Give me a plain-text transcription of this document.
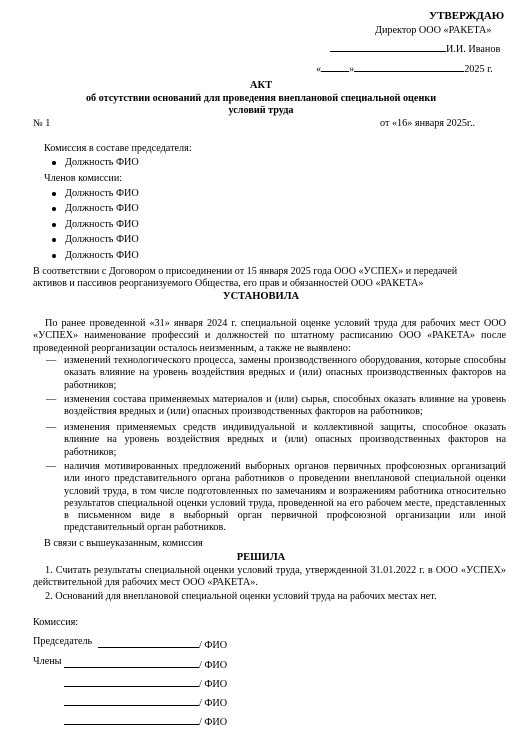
УТВЕРЖДАЮ
Директор ООО «РАКЕТА»
И.И. Иванов
«	»	2025 г.
АКТ
об отсутствии оснований для проведения внеплановой специальной оценки
условий труда
№ 1	от «16» января 2025г..
Комиссия в составе председателя:
Должность ФИО
Членов комиссии:
Должность ФИО
Должность ФИО
Должность ФИО
Должность ФИО
Должность ФИО
В соответствии с Договором о присоединении от 15 января 2025 года ООО «УСПЕХ» и передачей
активов и пассивов реорганизуемого Общества, его прав и обязанностей ООО «РАКЕТА»
УСТАНОВИЛА
По ранее проведенной «31» января 2024 г. специальной оценке условий труда для рабочих мест ООО «УСПЕХ» наименование профессий и должностей по штатному расписанию ООО «РАКЕТА» после проведенной реорганизации осталось неизменным, а также не выявлено:
— изменений технологического процесса, замены производственного оборудования, которые способны оказать влияние на уровень воздействия вредных и (или) опасных производственных факторов на работников;
— изменения состава применяемых материалов и (или) сырья, способных оказать влияние на уровень воздействия вредных и (или) опасных производственных факторов на работников;
— изменения применяемых средств индивидуальной и коллективной защиты, способное оказать влияние на уровень воздействия вредных и (или) опасных производственных факторов на работников;
— наличия мотивированных предложений выборных органов первичных профсоюзных организаций или иного представительного органа работников о проведении внеплановой специальной оценки условий труда, в том числе подготовленных по замечаниям и возражениям работника относительно результатов специальной оценки условий труда, проведенной на его рабочем месте, представленных в письменном виде в выборный орган первичной профсоюзной организации или иной представительный орган работников.
В связи с вышеуказанным, комиссия
РЕШИЛА
1. Считать результаты специальной оценки условий труда, утвержденной 31.01.2022 г. в ООО «УСПЕХ» действительной для рабочих мест ООО «РАКЕТА».
2. Оснований для внеплановой специальной оценки условий труда на рабочих местах нет.
Комиссия:
Председатель	/ ФИО
Члены	/ ФИО
/ ФИО
/ ФИО
/ ФИО
